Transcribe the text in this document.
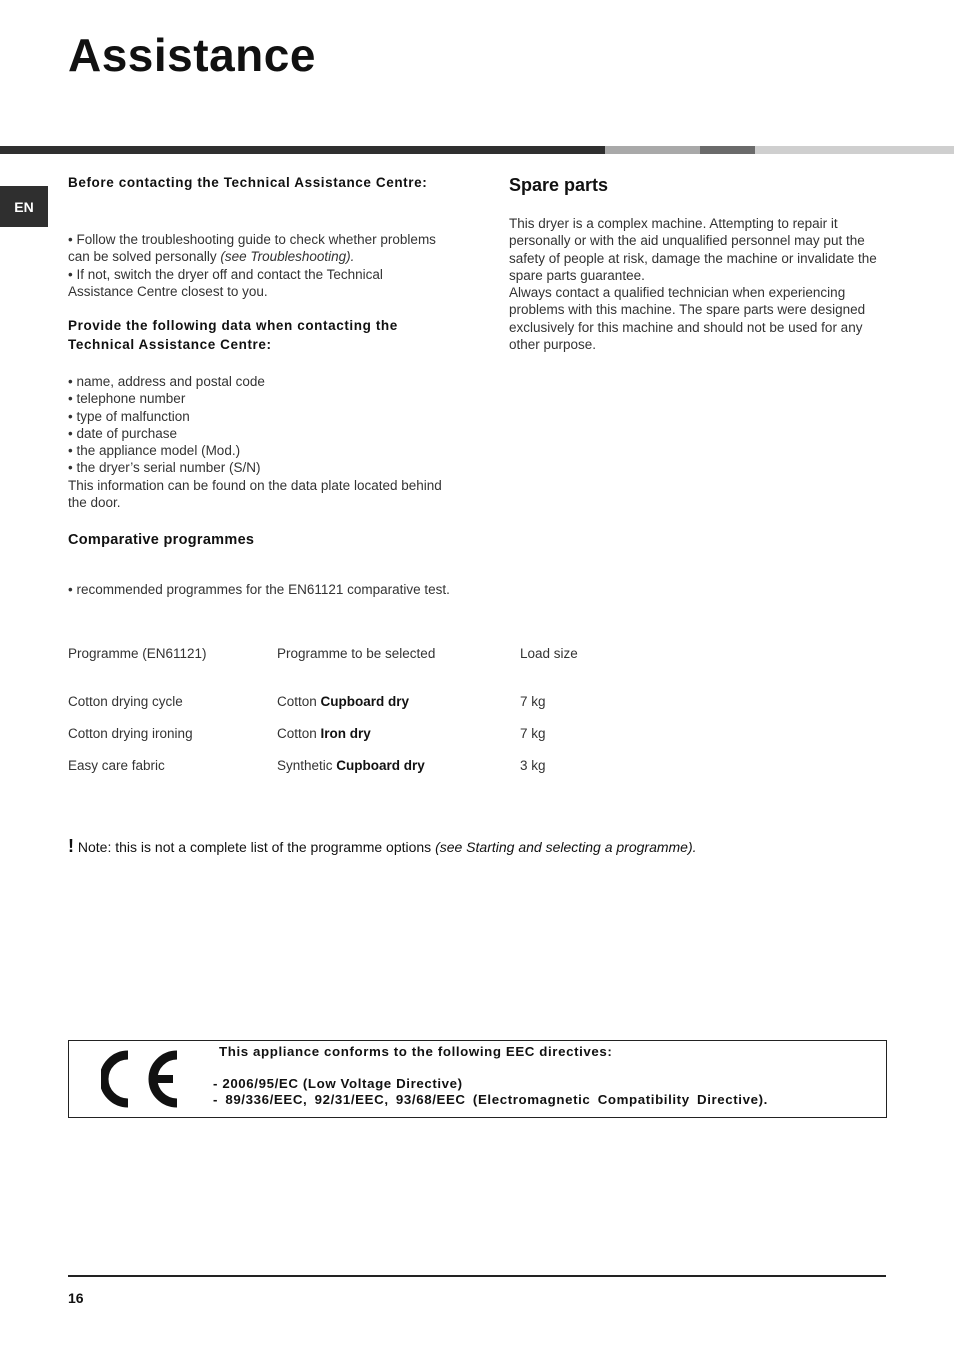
Assistance
EN
Before contacting the Technical Assistance Centre:

• Follow the troubleshooting guide to check whether problems can be solved personally (see Troubleshooting).

• If not, switch the dryer off and contact the Technical Assistance Centre closest to you.

Provide the following data when contacting the Technical Assistance Centre:
• name, address and postal code
• telephone number
• type of malfunction
• date of purchase
• the appliance model (Mod.)
• the dryer’s serial number (S/N)
This information can be found on the data plate located behind the door.
Spare parts

This dryer is a complex machine. Attempting to repair it personally or with the aid unqualified personnel may put the safety of people at risk, damage the machine or invalidate the spare parts guarantee.

Always contact a qualified technician when experiencing problems with this machine. The spare parts were designed exclusively for this machine and should not be used for any other purpose.

Comparative programmes
• recommended programmes for the EN61121 comparative test.
Programme (EN61121)	Programme to be selected	Load size
Cotton drying cycle	Cotton Cupboard dry	7 kg
Cotton drying ironing	Cotton Iron dry	7 kg
Easy care fabric	Synthetic Cupboard dry	3 kg
! Note: this is not a complete list of the programme options (see Starting and selecting a programme).
This appliance conforms to the following EEC directives:
- 2006/95/EC (Low Voltage Directive)
- 89/336/EEC, 92/31/EEC, 93/68/EEC (Electromagnetic Compatibility Directive).
16
